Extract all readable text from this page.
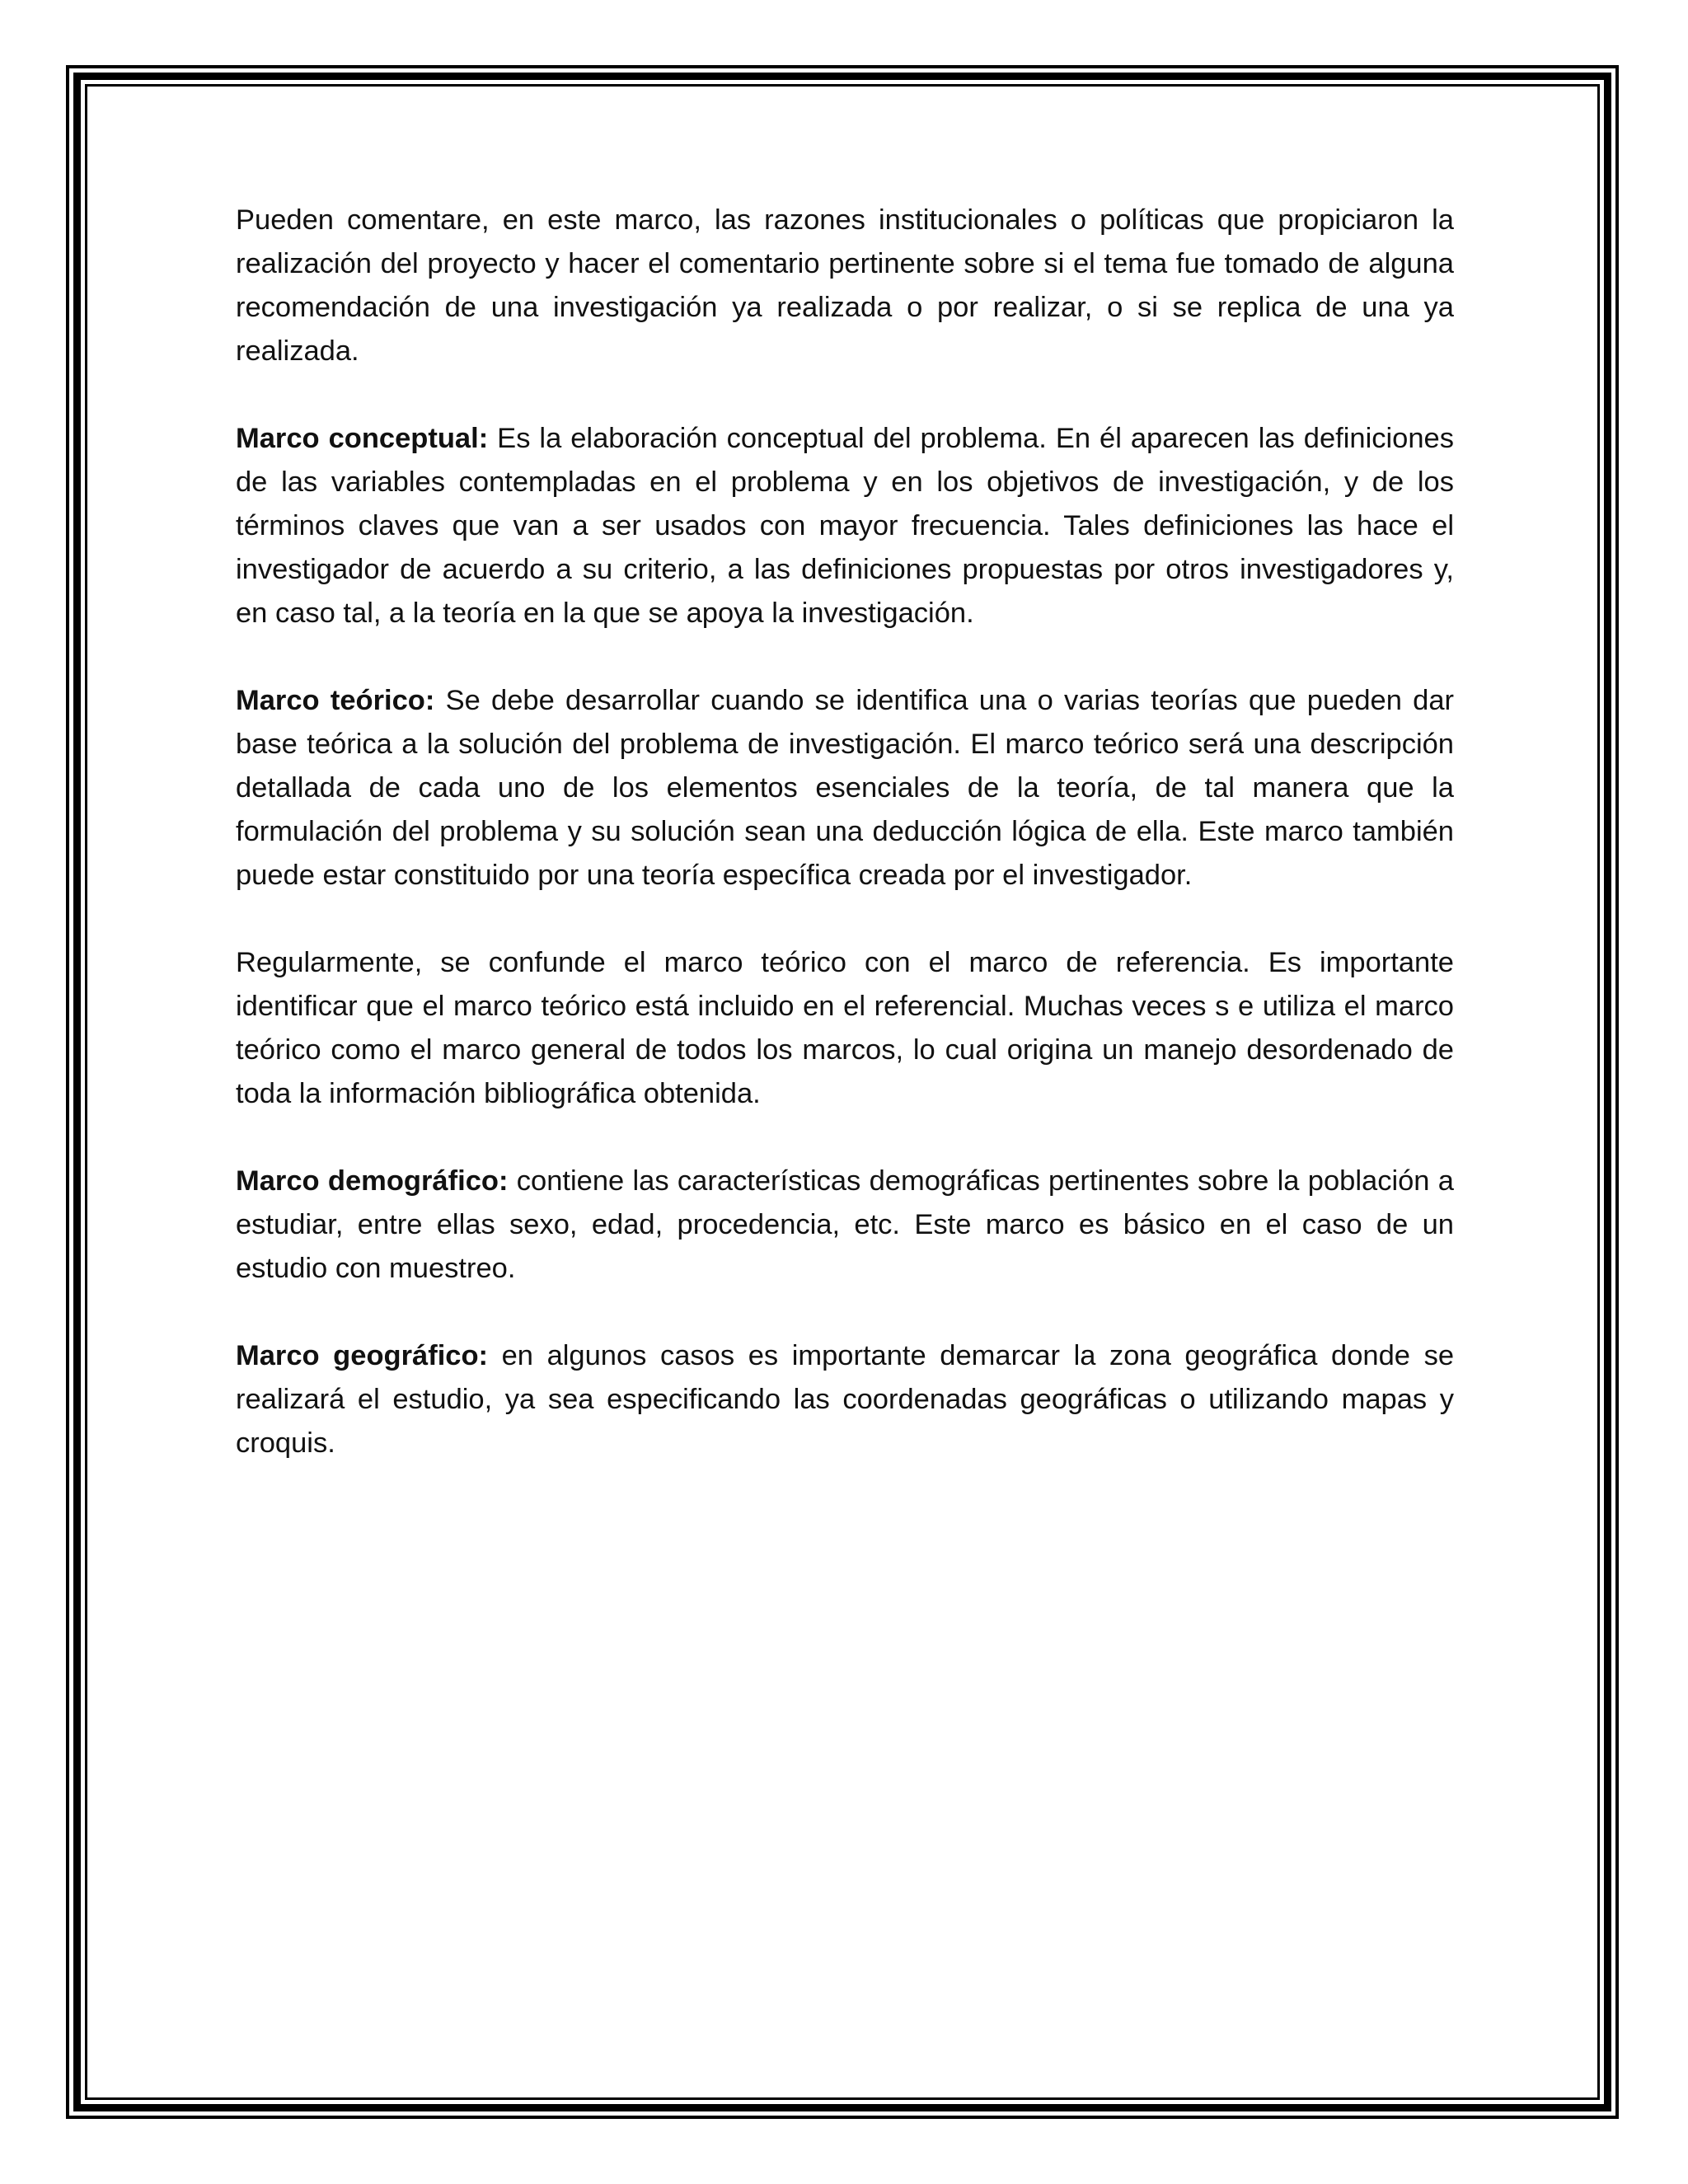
Pueden comentare, en este marco, las razones institucionales o políticas que propiciaron la realización del proyecto y hacer el comentario pertinente sobre si el tema fue tomado de alguna recomendación de una investigación ya realizada o por realizar, o si se replica de una ya realizada.

Marco conceptual: Es la elaboración conceptual del problema. En él aparecen las definiciones de las variables contempladas en el problema y en los objetivos de investigación, y de los términos claves que van a ser usados con mayor frecuencia. Tales definiciones las hace el investigador de acuerdo a su criterio, a las definiciones propuestas por otros investigadores y, en caso tal, a la teoría en la que se apoya la investigación.

Marco teórico: Se debe desarrollar cuando se identifica una o varias teorías que pueden dar base teórica a la solución del problema de investigación. El marco teórico será una descripción detallada de cada uno de los elementos esenciales de la teoría, de tal manera que la formulación del problema y su solución sean una deducción lógica de ella. Este marco también puede estar constituido por una teoría específica creada por el investigador.

Regularmente, se confunde el marco teórico con el marco de referencia. Es importante identificar que el marco teórico está incluido en el referencial. Muchas veces s e utiliza el marco teórico como el marco general de todos los marcos, lo cual origina un manejo desordenado de toda la información bibliográfica obtenida.

Marco demográfico: contiene las características demográficas pertinentes sobre la población a estudiar, entre ellas sexo, edad, procedencia, etc. Este marco es básico en el caso de un estudio con muestreo.

Marco geográfico: en algunos casos es importante demarcar la zona geográfica donde se realizará el estudio, ya sea especificando las coordenadas geográficas o utilizando mapas y croquis.
